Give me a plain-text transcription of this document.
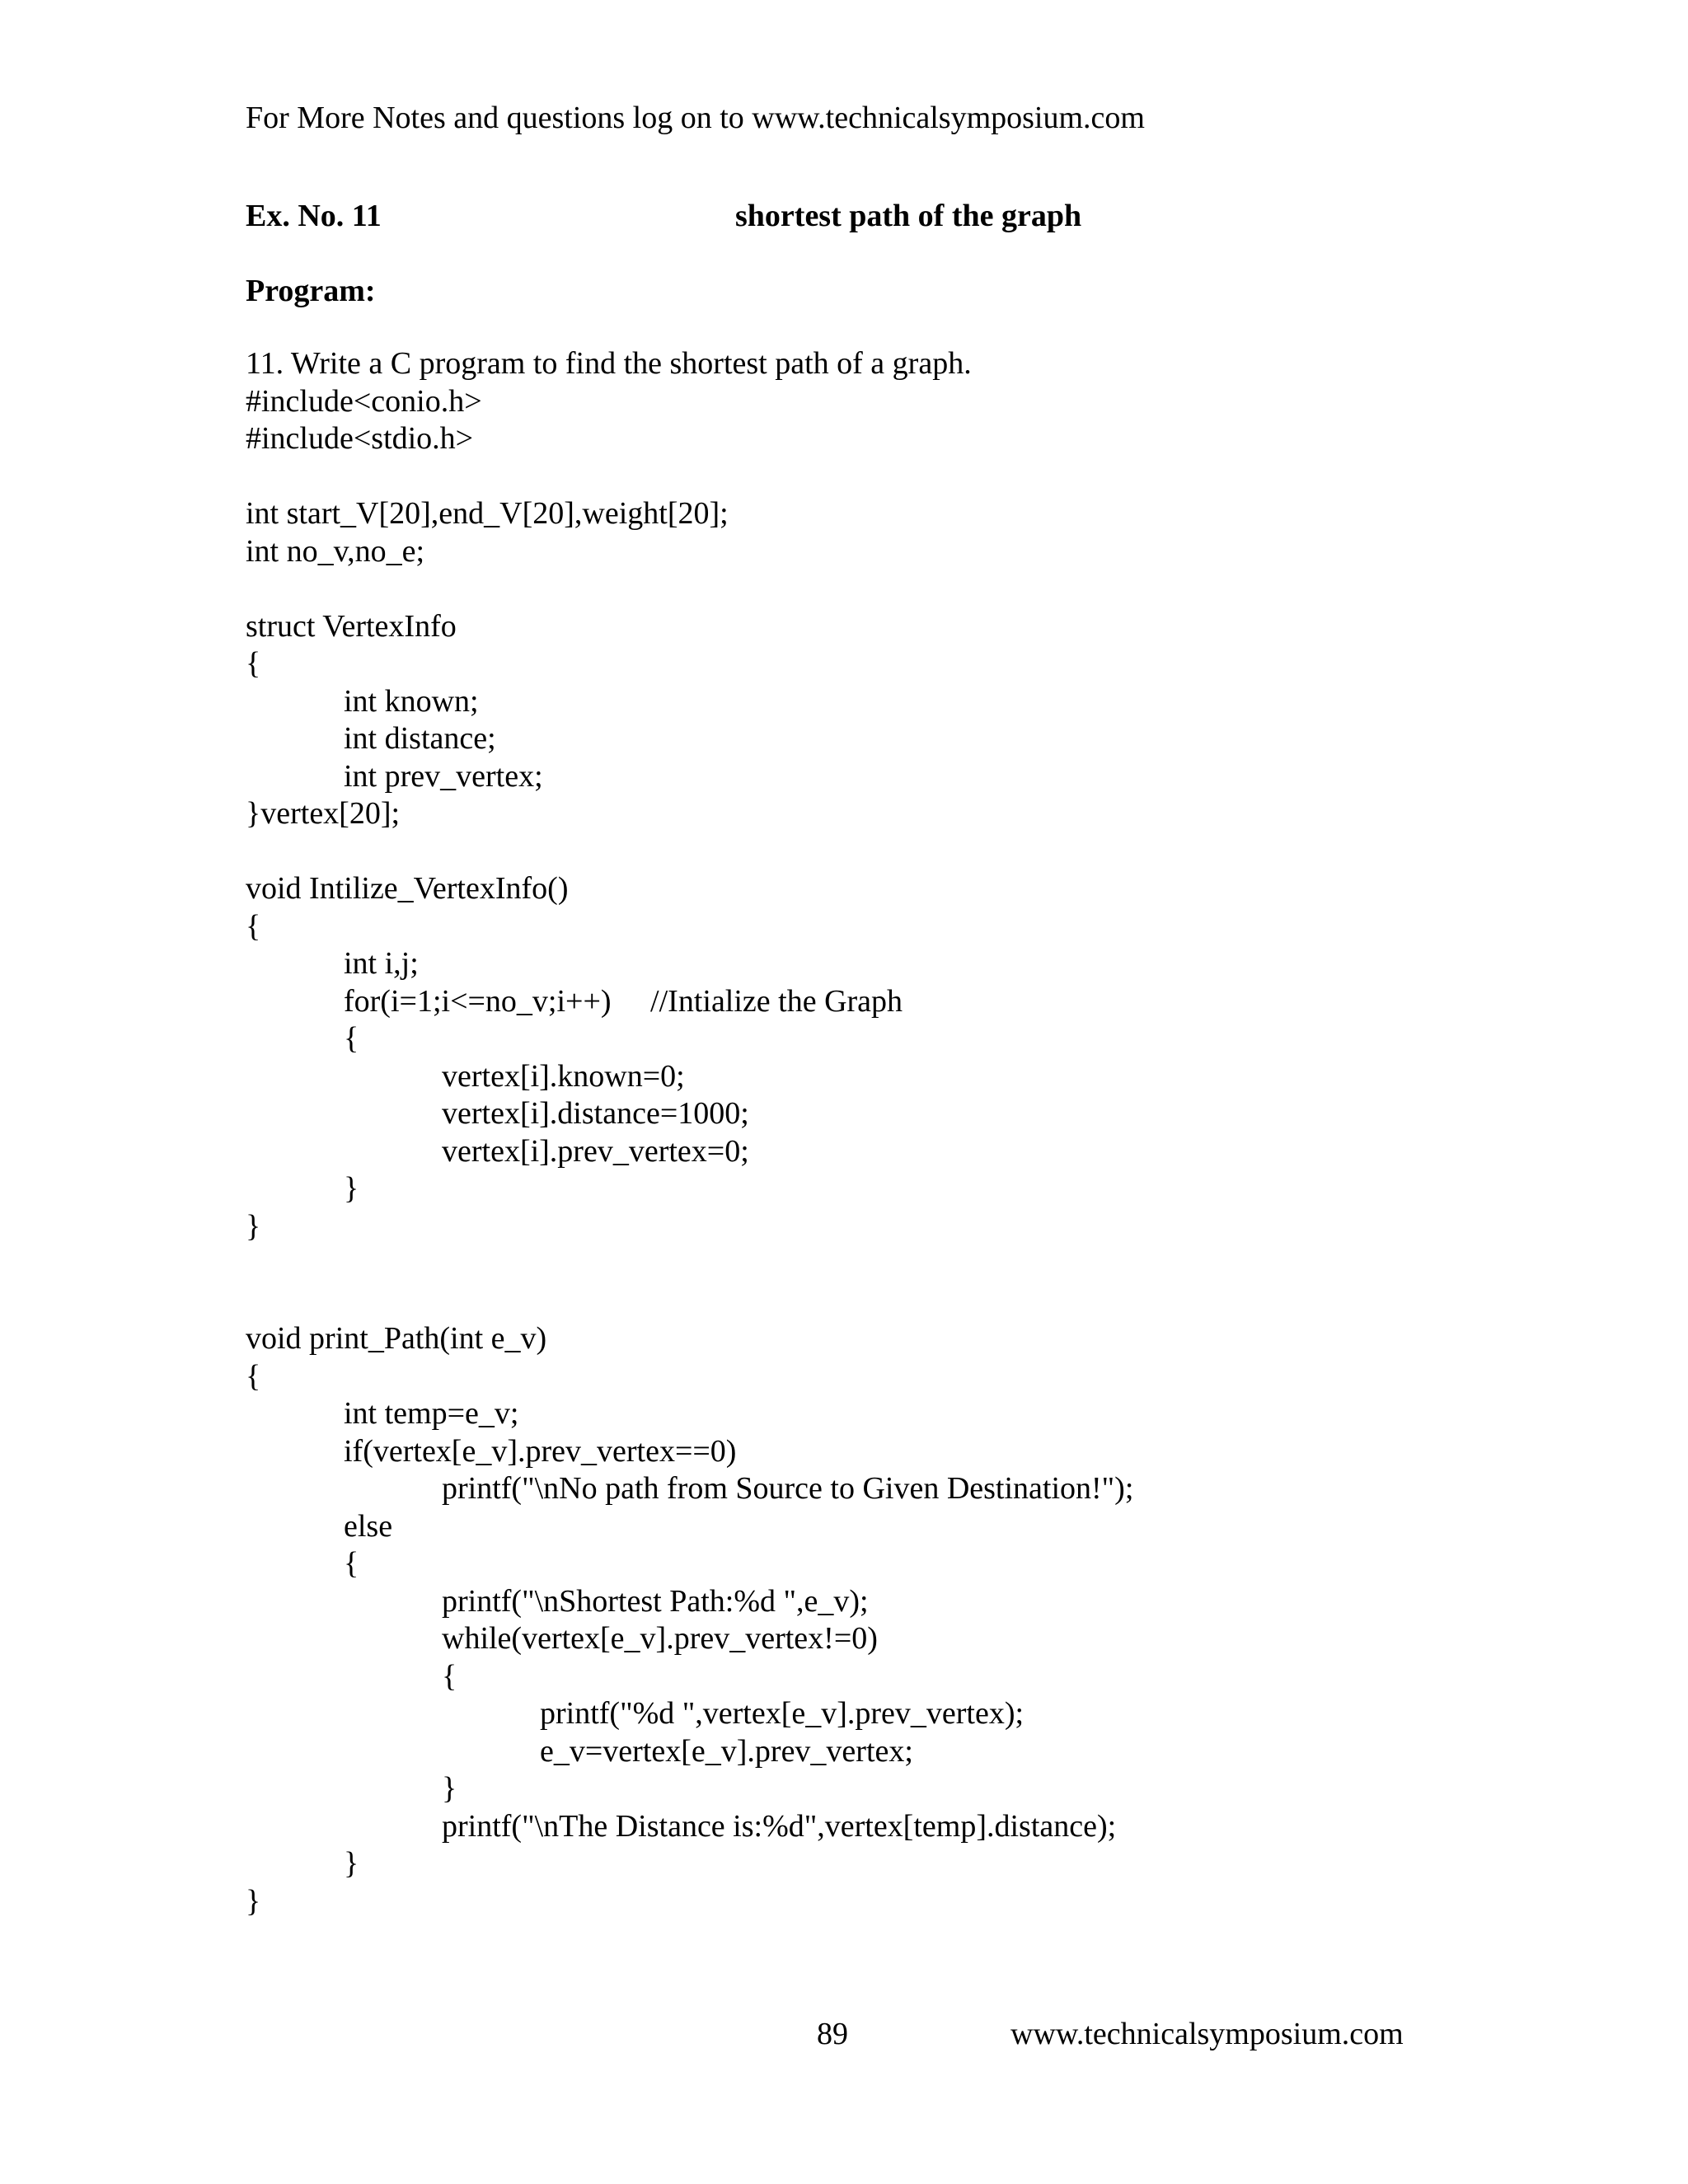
For More Notes and questions log on to www.technicalsymposium.com
Ex. No. 11	shortest path of the graph
Program:
11. Write a C program to find the shortest path of a graph.
#include<conio.h>
#include<stdio.h>
int start_V[20],end_V[20],weight[20];
int no_v,no_e;
struct VertexInfo
{
int known;
int distance;
int prev_vertex;
}vertex[20];
void Intilize_VertexInfo()
{
int i,j;
for(i=1;i<=no_v;i++)     //Intialize the Graph
{
vertex[i].known=0;
vertex[i].distance=1000;
vertex[i].prev_vertex=0;
}
}
void print_Path(int e_v)
{
int temp=e_v;
if(vertex[e_v].prev_vertex==0)
printf("\nNo path from Source to Given Destination!");
else
{
printf("\nShortest Path:%d ",e_v);
while(vertex[e_v].prev_vertex!=0)
{
printf("%d ",vertex[e_v].prev_vertex);
e_v=vertex[e_v].prev_vertex;
}
printf("\nThe Distance is:%d",vertex[temp].distance);
}
}
89	www.technicalsymposium.com
